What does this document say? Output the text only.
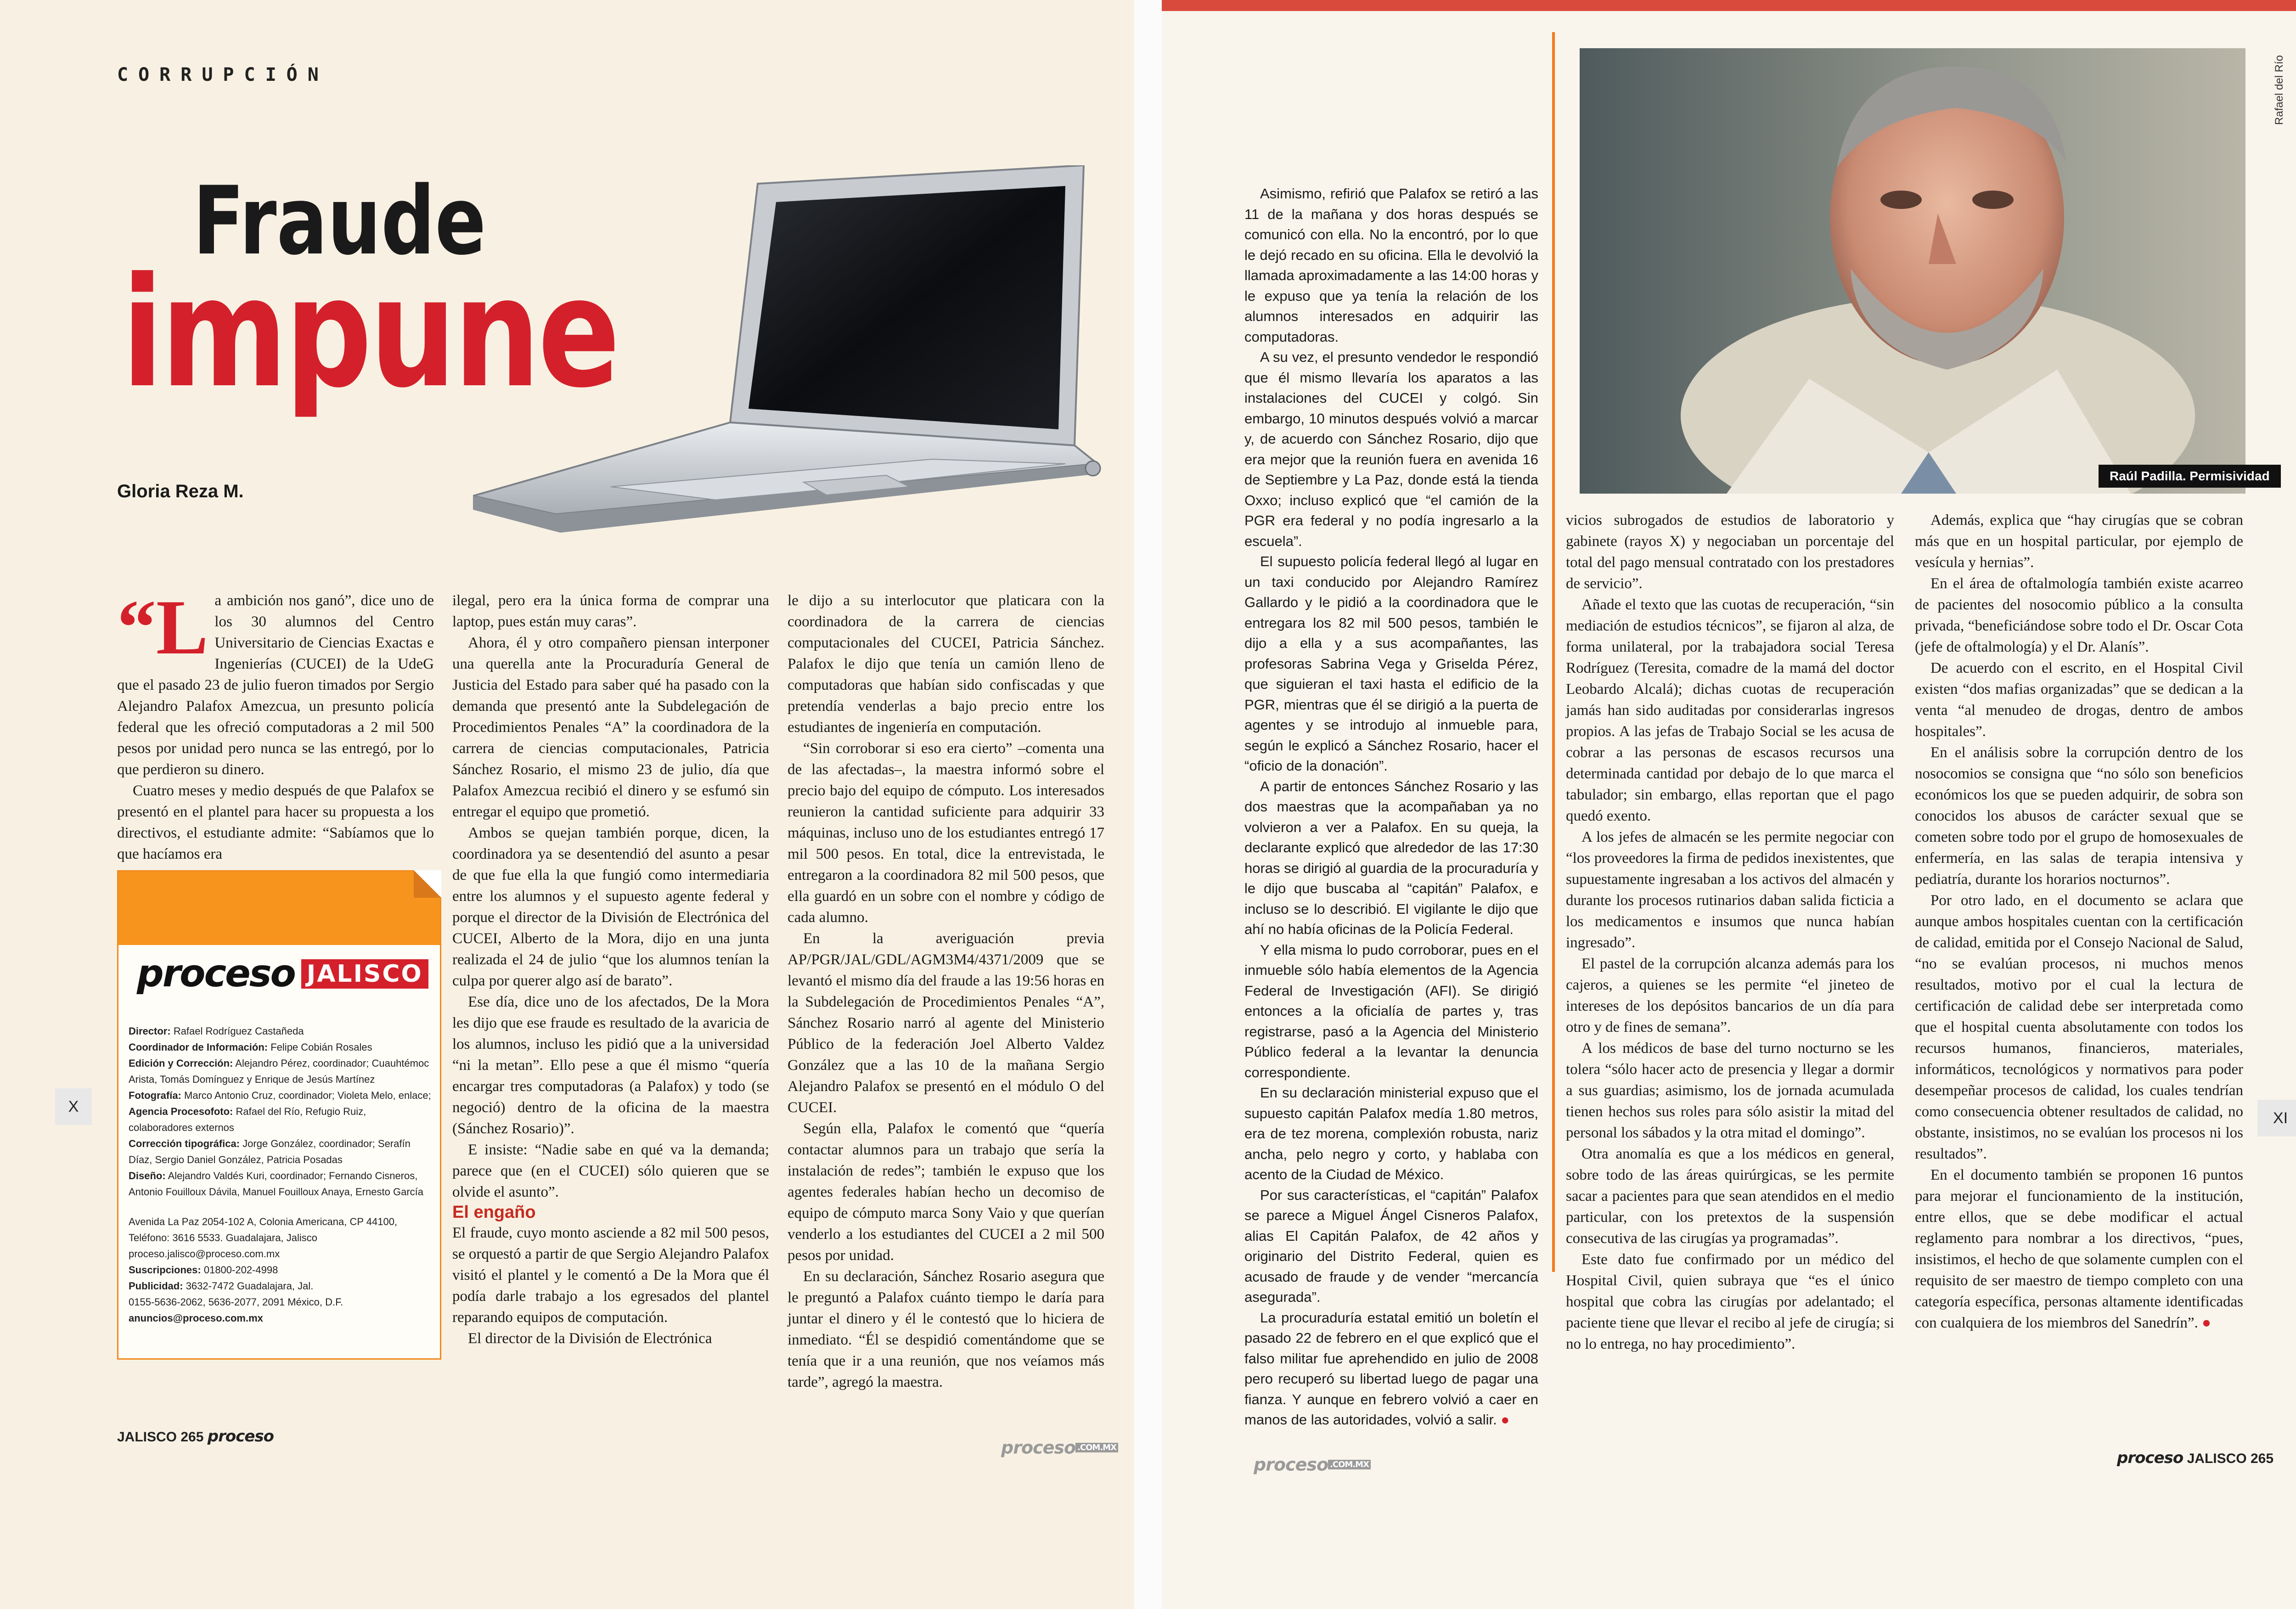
CORRUPCIÓN
Fraude
impune
Gloria Reza M.
“L a ambición nos ganó”, dice uno de los 30 alumnos del Centro Universitario de Ciencias Exactas e Ingenierías (CUCEI) de la UdeG que el pasado 23 de julio fueron timados por Sergio Alejandro Palafox Amezcua, un presunto policía federal que les ofreció computadoras a 2 mil 500 pesos por unidad pero nunca se las entregó, por lo que perdieron su dinero.

Cuatro meses y medio después de que Palafox se presentó en el plantel para hacer su propuesta a los directivos, el estudiante admite: “Sabíamos que lo que hacíamos era

proceso JALISCO
Director: Rafael Rodríguez Castañeda
Coordinador de Información: Felipe Cobián Rosales
Edición y Corrección: Alejandro Pérez, coordinador; Cuauhtémoc Arista, Tomás Domínguez y Enrique de Jesús Martínez
Fotografía: Marco Antonio Cruz, coordinador; Violeta Melo, enlace; Agencia Procesofoto: Rafael del Río, Refugio Ruiz, colaboradores externos
Corrección tipográfica: Jorge González, coordinador; Serafín Díaz, Sergio Daniel González, Patricia Posadas
Diseño: Alejandro Valdés Kuri, coordinador; Fernando Cisneros, Antonio Fouilloux Dávila, Manuel Fouilloux Anaya, Ernesto García
Avenida La Paz 2054-102 A, Colonia Americana, CP 44100, Teléfono: 3616 5533. Guadalajara, Jalisco
proceso.jalisco@proceso.com.mx
Suscripciones: 01800-202-4998
Publicidad: 3632-7472 Guadalajara, Jal.
0155-5636-2062, 5636-2077, 2091 México, D.F.
anuncios@proceso.com.mx

ilegal, pero era la única forma de comprar una laptop, pues están muy caras”.

Ahora, él y otro compañero piensan interponer una querella ante la Procuraduría General de Justicia del Estado para saber qué ha pasado con la demanda que presentó ante la Subdelegación de Procedimientos Penales “A” la coordinadora de la carrera de ciencias computacionales, Patricia Sánchez Rosario, el mismo 23 de julio, día que Palafox Amezcua recibió el dinero y se esfumó sin entregar el equipo que prometió.

Ambos se quejan también porque, dicen, la coordinadora ya se desentendió del asunto a pesar de que fue ella la que fungió como intermediaria entre los alumnos y el supuesto agente federal y porque el director de la División de Electrónica del CUCEI, Alberto de la Mora, dijo en una junta realizada el 24 de julio “que los alumnos tenían la culpa por querer algo así de barato”.

Ese día, dice uno de los afectados, De la Mora les dijo que ese fraude es resultado de la avaricia de los alumnos, incluso les pidió que a la universidad “ni la metan”. Ello pese a que él mismo “quería encargar tres computadoras (a Palafox) y todo (se negoció) dentro de la oficina de la maestra (Sánchez Rosario)”.

E insiste: “Nadie sabe en qué va la demanda; parece que (en el CUCEI) sólo quieren que se olvide el asunto”.

El engaño

El fraude, cuyo monto asciende a 82 mil 500 pesos, se orquestó a partir de que Sergio Alejandro Palafox visitó el plantel y le comentó a De la Mora que él podía darle trabajo a los egresados del plantel reparando equipos de computación.

El director de la División de Electrónica

le dijo a su interlocutor que platicara con la coordinadora de la carrera de ciencias computacionales del CUCEI, Patricia Sánchez. Palafox le dijo que tenía un camión lleno de computadoras que habían sido confiscadas y que pretendía venderlas a bajo precio entre los estudiantes de ingeniería en computación.

“Sin corroborar si eso era cierto” –comenta una de las afectadas–, la maestra informó sobre el precio bajo del equipo de cómputo. Los interesados reunieron la cantidad suficiente para adquirir 33 máquinas, incluso uno de los estudiantes entregó 17 mil 500 pesos. En total, dice la entrevistada, le entregaron a la coordinadora 82 mil 500 pesos, que ella guardó en un sobre con el nombre y código de cada alumno.

En la averiguación previa AP/PGR/JAL/GDL/AGM3M4/4371/2009 que se levantó el mismo día del fraude a las 19:56 horas en la Subdelegación de Procedimientos Penales “A”, Sánchez Rosario narró al agente del Ministerio Público de la federación Joel Alberto Valdez González que a las 10 de la mañana Sergio Alejandro Palafox se presentó en el módulo O del CUCEI.

Según ella, Palafox le comentó que “quería contactar alumnos para un trabajo que sería la instalación de redes”; también le expuso que los agentes federales habían hecho un decomiso de equipo de cómputo marca Sony Vaio y que querían venderlo a los estudiantes del CUCEI a 2 mil 500 pesos por unidad.

En su declaración, Sánchez Rosario asegura que le preguntó a Palafox cuánto tiempo le daría para juntar el dinero y él le contestó que lo hiciera de inmediato. “Él se despidió comentándome que se tenía que ir a una reunión, que nos veíamos más tarde”, agregó la maestra.

X
JALISCO 265 proceso
proceso .COM.MX
Rafael del Río
Raúl Padilla. Permisividad

Asimismo, refirió que Palafox se retiró a las 11 de la mañana y dos horas después se comunicó con ella. No la encontró, por lo que le dejó recado en su oficina. Ella le devolvió la llamada aproximadamente a las 14:00 horas y le expuso que ya tenía la relación de los alumnos interesados en adquirir las computadoras.

A su vez, el presunto vendedor le respondió que él mismo llevaría los aparatos a las instalaciones del CUCEI y colgó. Sin embargo, 10 minutos después volvió a marcar y, de acuerdo con Sánchez Rosario, dijo que era mejor que la reunión fuera en avenida 16 de Septiembre y La Paz, donde está la tienda Oxxo; incluso explicó que “el camión de la PGR era federal y no podía ingresarlo a la escuela”.

El supuesto policía federal llegó al lugar en un taxi conducido por Alejandro Ramírez Gallardo y le pidió a la coordinadora que le entregara los 82 mil 500 pesos, también le dijo a ella y a sus acompañantes, las profesoras Sabrina Vega y Griselda Pérez, que siguieran el taxi hasta el edificio de la PGR, mientras que él se dirigió a la puerta de agentes y se introdujo al inmueble para, según le explicó a Sánchez Rosario, hacer el “oficio de la donación”.

A partir de entonces Sánchez Rosario y las dos maestras que la acompañaban ya no volvieron a ver a Palafox. En su queja, la declarante explicó que alrededor de las 17:30 horas se dirigió al guardia de la procuraduría y le dijo que buscaba al “capitán” Palafox, e incluso se lo describió. El vigilante le dijo que ahí no había oficinas de la Policía Federal.

Y ella misma lo pudo corroborar, pues en el inmueble sólo había elementos de la Agencia Federal de Investigación (AFI). Se dirigió entonces a la oficialía de partes y, tras registrarse, pasó a la Agencia del Ministerio Público federal a la levantar la denuncia correspondiente.

En su declaración ministerial expuso que el supuesto capitán Palafox medía 1.80 metros, era de tez morena, complexión robusta, nariz ancha, pelo negro y corto, y hablaba con acento de la Ciudad de México.

Por sus características, el “capitán” Palafox se parece a Miguel Ángel Cisneros Palafox, alias El Capitán Palafox, de 42 años y originario del Distrito Federal, quien es acusado de fraude y de vender “mercancía asegurada”.

La procuraduría estatal emitió un boletín el pasado 22 de febrero en el que explicó que el falso militar fue aprehendido en julio de 2008 pero recuperó su libertad luego de pagar una fianza. Y aunque en febrero volvió a caer en manos de las autoridades, volvió a salir. ●

vicios subrogados de estudios de laboratorio y gabinete (rayos X) y negociaban un porcentaje del total del pago mensual contratado con los prestadores de servicio”.

Añade el texto que las cuotas de recuperación, “sin mediación de estudios técnicos”, se fijaron al alza, de forma unilateral, por la trabajadora social Teresa Rodríguez (Teresita, comadre de la mamá del doctor Leobardo Alcalá); dichas cuotas de recuperación jamás han sido auditadas por considerarlas ingresos propios. A las jefas de Trabajo Social se les acusa de cobrar a las personas de escasos recursos una determinada cantidad por debajo de lo que marca el tabulador; sin embargo, ellas reportan que el pago quedó exento.

A los jefes de almacén se les permite negociar con “los proveedores la firma de pedidos inexistentes, que supuestamente ingresaban a los activos del almacén y durante los procesos rutinarios daban salida ficticia a los medicamentos e insumos que nunca habían ingresado”.

El pastel de la corrupción alcanza además para los cajeros, a quienes se les permite “el jineteo de intereses de los depósitos bancarios de un día para otro y de fines de semana”.

A los médicos de base del turno nocturno se les tolera “sólo hacer acto de presencia y llegar a dormir a sus guardias; asimismo, los de jornada acumulada tienen hechos sus roles para sólo asistir la mitad del personal los sábados y la otra mitad el domingo”.

Otra anomalía es que a los médicos en general, sobre todo de las áreas quirúrgicas, se les permite sacar a pacientes para que sean atendidos en el medio particular, con los pretextos de la suspensión consecutiva de las cirugías ya programadas”.

Este dato fue confirmado por un médico del Hospital Civil, quien subraya que “es el único hospital que cobra las cirugías por adelantado; el paciente tiene que llevar el recibo al jefe de cirugía; si no lo entrega, no hay procedimiento”.

Además, explica que “hay cirugías que se cobran más que en un hospital particular, por ejemplo de vesícula y hernias”.

En el área de oftalmología también existe acarreo de pacientes del nosocomio público a la consulta privada, “beneficiándose sobre todo el Dr. Oscar Cota (jefe de oftalmología) y el Dr. Alanís”.

De acuerdo con el escrito, en el Hospital Civil existen “dos mafias organizadas” que se dedican a la venta “al menudeo de drogas, dentro de ambos hospitales”.

En el análisis sobre la corrupción dentro de los nosocomios se consigna que “no sólo son beneficios económicos los que se pueden adquirir, de sobra son conocidos los abusos de carácter sexual que se cometen sobre todo por el grupo de homosexuales de enfermería, en las salas de terapia intensiva y pediatría, durante los horarios nocturnos”.

Por otro lado, en el documento se aclara que aunque ambos hospitales cuentan con la certificación de calidad, emitida por el Consejo Nacional de Salud, “no se evalúan procesos, ni muchos menos resultados, motivo por el cual la lectura de certificación de calidad debe ser interpretada como que el hospital cuenta absolutamente con todos los recursos humanos, financieros, materiales, informáticos, tecnológicos y normativos para poder desempeñar procesos de calidad, los cuales tendrían como consecuencia obtener resultados de calidad, no obstante, insistimos, no se evalúan los procesos ni los resultados”.

En el documento también se proponen 16 puntos para mejorar el funcionamiento de la institución, entre ellos, que se debe modificar el actual reglamento para nombrar a los directivos, “pues, insistimos, el hecho de que solamente cumplen con el requisito de ser maestro de tiempo completo con una categoría específica, personas altamente identificadas con cualquiera de los miembros del Sanedrín”. ●

XI
proceso .COM.MX	proceso JALISCO 265
